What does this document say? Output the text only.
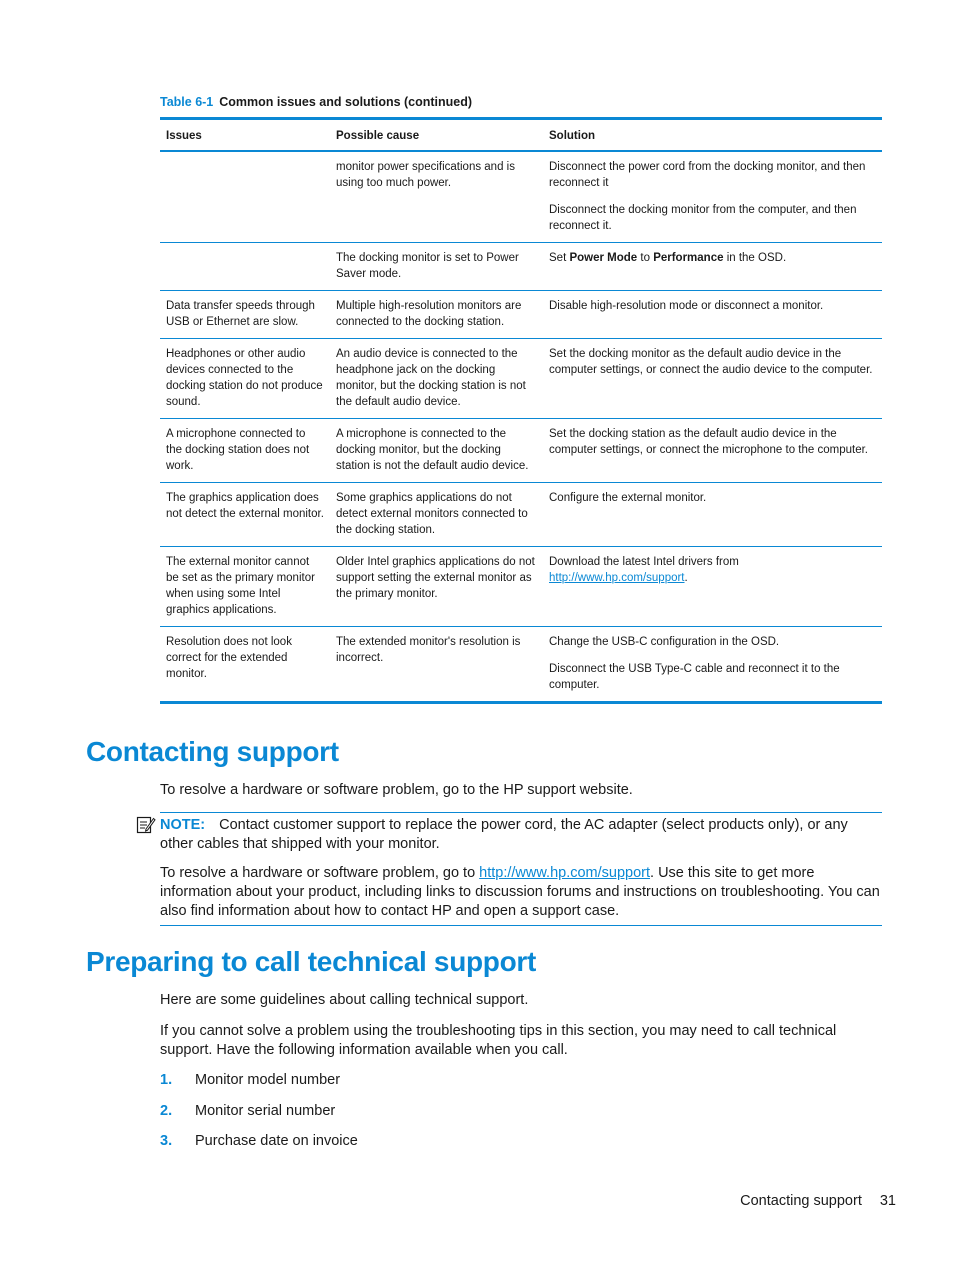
Table 6-1 Common issues and solutions (continued)
Issues	Possible cause	Solution
	monitor power specifications and is using too much power.	Disconnect the power cord from the docking monitor, and then reconnect it

Disconnect the docking monitor from the computer, and then reconnect it.

	The docking monitor is set to Power Saver mode.	Set Power Mode to Performance in the OSD.
Data transfer speeds through USB or Ethernet are slow.	Multiple high-resolution monitors are connected to the docking station.	Disable high-resolution mode or disconnect a monitor.

Headphones or other audio devices connected to the docking station do not produce sound.	An audio device is connected to the headphone jack on the docking monitor, but the docking station is not the default audio device.	Set the docking monitor as the default audio device in the computer settings, or connect the audio device to the computer.

A microphone connected to the docking station does not work.	A microphone is connected to the docking monitor, but the docking station is not the default audio device.	Set the docking station as the default audio device in the computer settings, or connect the microphone to the computer.

The graphics application does not detect the external monitor.	Some graphics applications do not detect external monitors connected to the docking station.	Configure the external monitor.

The external monitor cannot be set as the primary monitor when using some Intel graphics applications.	Older Intel graphics applications do not support setting the external monitor as the primary monitor.	Download the latest Intel drivers from http://www.hp.com/support.
Resolution does not look correct for the extended monitor.	The extended monitor's resolution is incorrect.	Change the USB-C configuration in the OSD.

Disconnect the USB Type-C cable and reconnect it to the computer.

Contacting support

To resolve a hardware or software problem, go to the HP support website.

NOTE: Contact customer support to replace the power cord, the AC adapter (select products only), or any other cables that shipped with your monitor.

To resolve a hardware or software problem, go to http://www.hp.com/support. Use this site to get more information about your product, including links to discussion forums and instructions on troubleshooting. You can also find information about how to contact HP and open a support case.

Preparing to call technical support

Here are some guidelines about calling technical support.

If you cannot solve a problem using the troubleshooting tips in this section, you may need to call technical support. Have the following information available when you call.

1. Monitor model number
2. Monitor serial number
3. Purchase date on invoice
Contacting support 31
